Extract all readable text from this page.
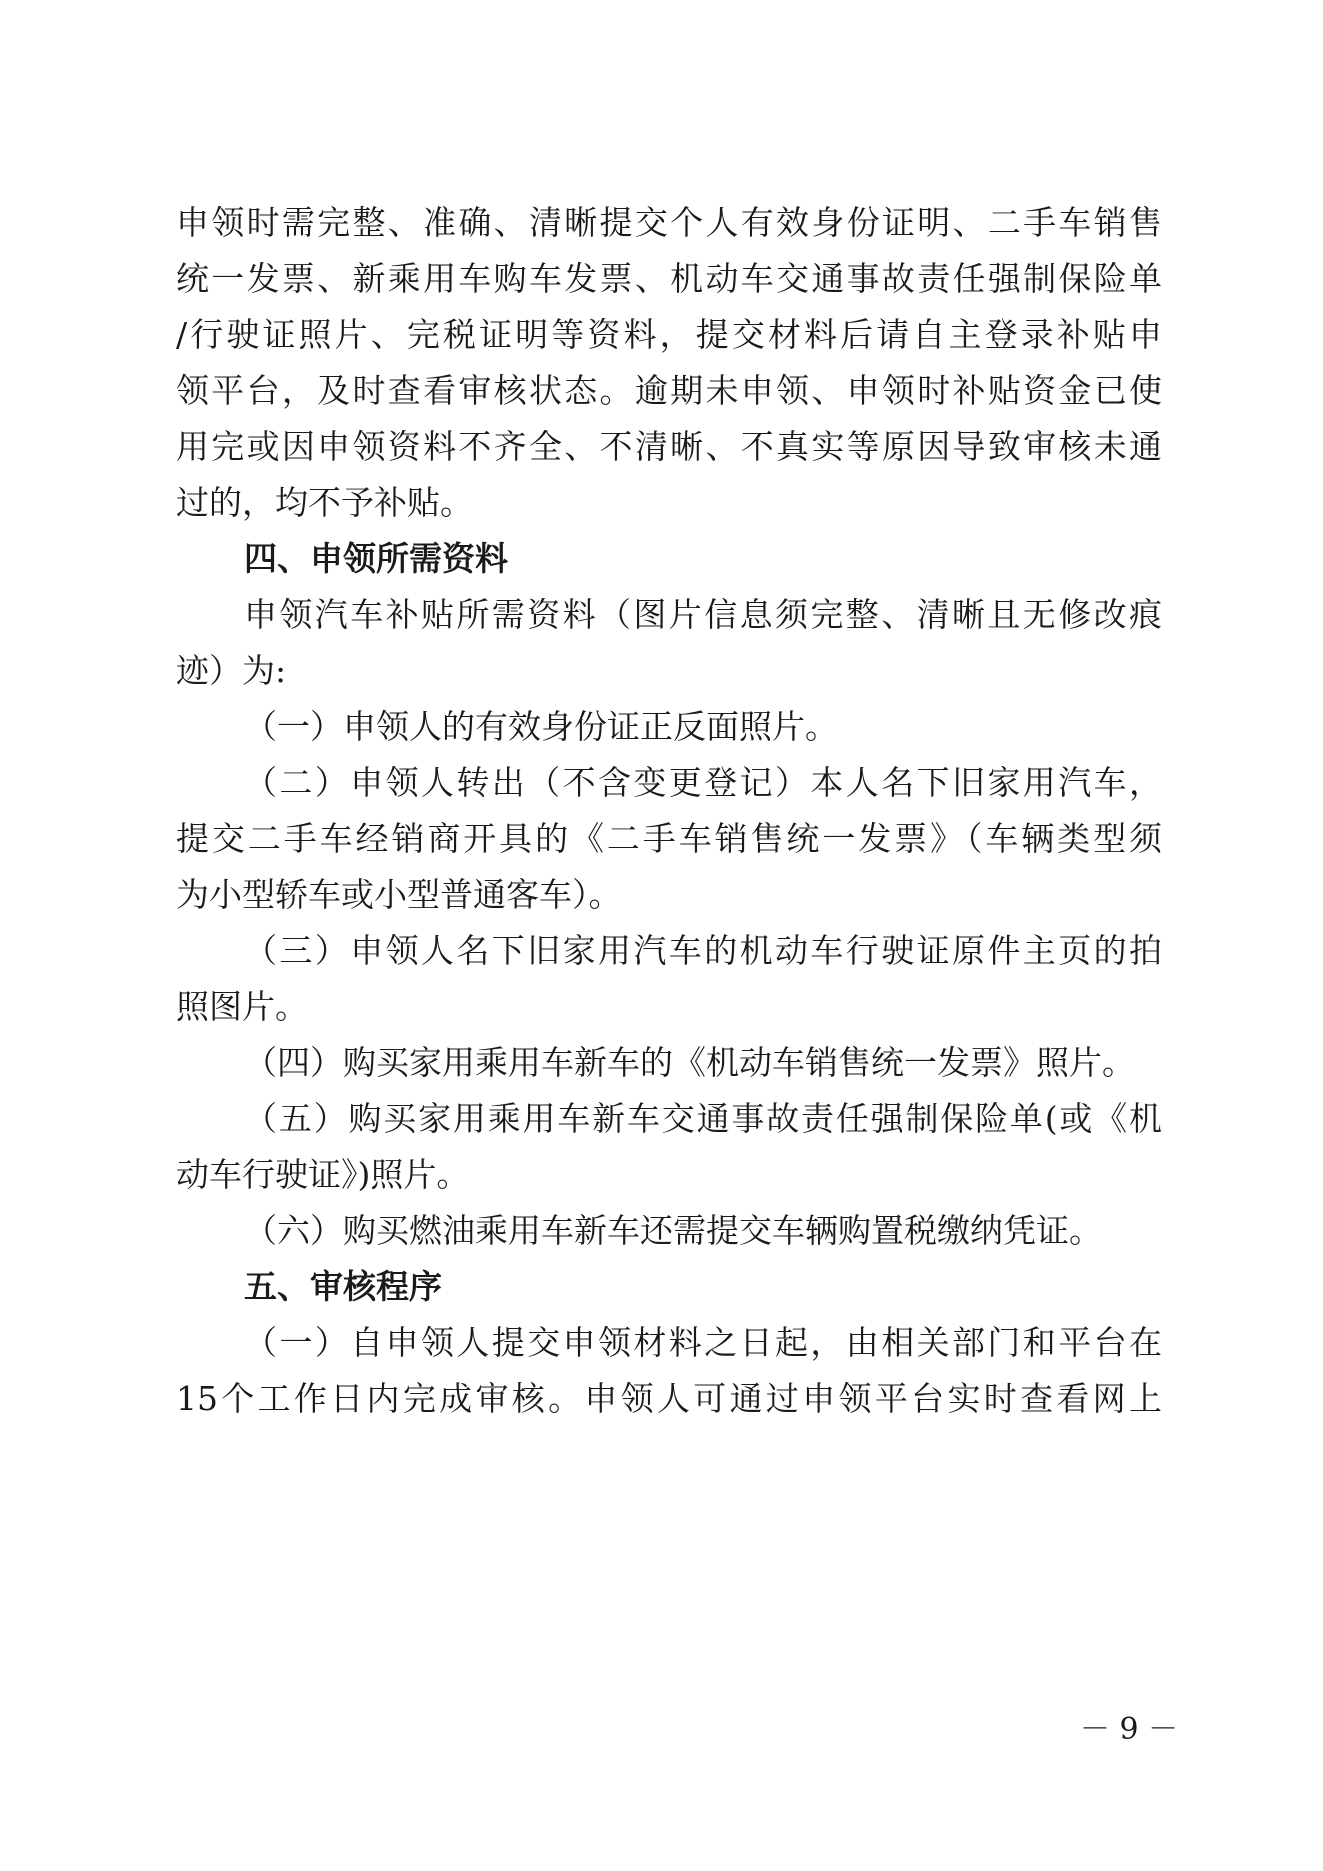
申领时需完整、准确、清晰提交个人有效身份证明、二手车销售
统一发票、新乘用车购车发票、机动车交通事故责任强制保险单
/行驶证照片、完税证明等资料，提交材料后请自主登录补贴申
领平台，及时查看审核状态。逾期未申领、申领时补贴资金已使
用完或因申领资料不齐全、不清晰、不真实等原因导致审核未通
过的，均不予补贴。
四、申领所需资料
申领汽车补贴所需资料（图片信息须完整、清晰且无修改痕
迹）为:
（一）申领人的有效身份证正反面照片。
（二）申领人转出（不含变更登记）本人名下旧家用汽车，
提交二手车经销商开具的《二手车销售统一发票》（车辆类型须
为小型轿车或小型普通客车）。
（三）申领人名下旧家用汽车的机动车行驶证原件主页的拍
照图片。
（四）购买家用乘用车新车的《机动车销售统一发票》照片。
（五）购买家用乘用车新车交通事故责任强制保险单(或《机
动车行驶证》)照片。
（六）购买燃油乘用车新车还需提交车辆购置税缴纳凭证。
五、审核程序
（一）自申领人提交申领材料之日起，由相关部门和平台在
15个工作日内完成审核。申领人可通过申领平台实时查看网上
－ 9 －
